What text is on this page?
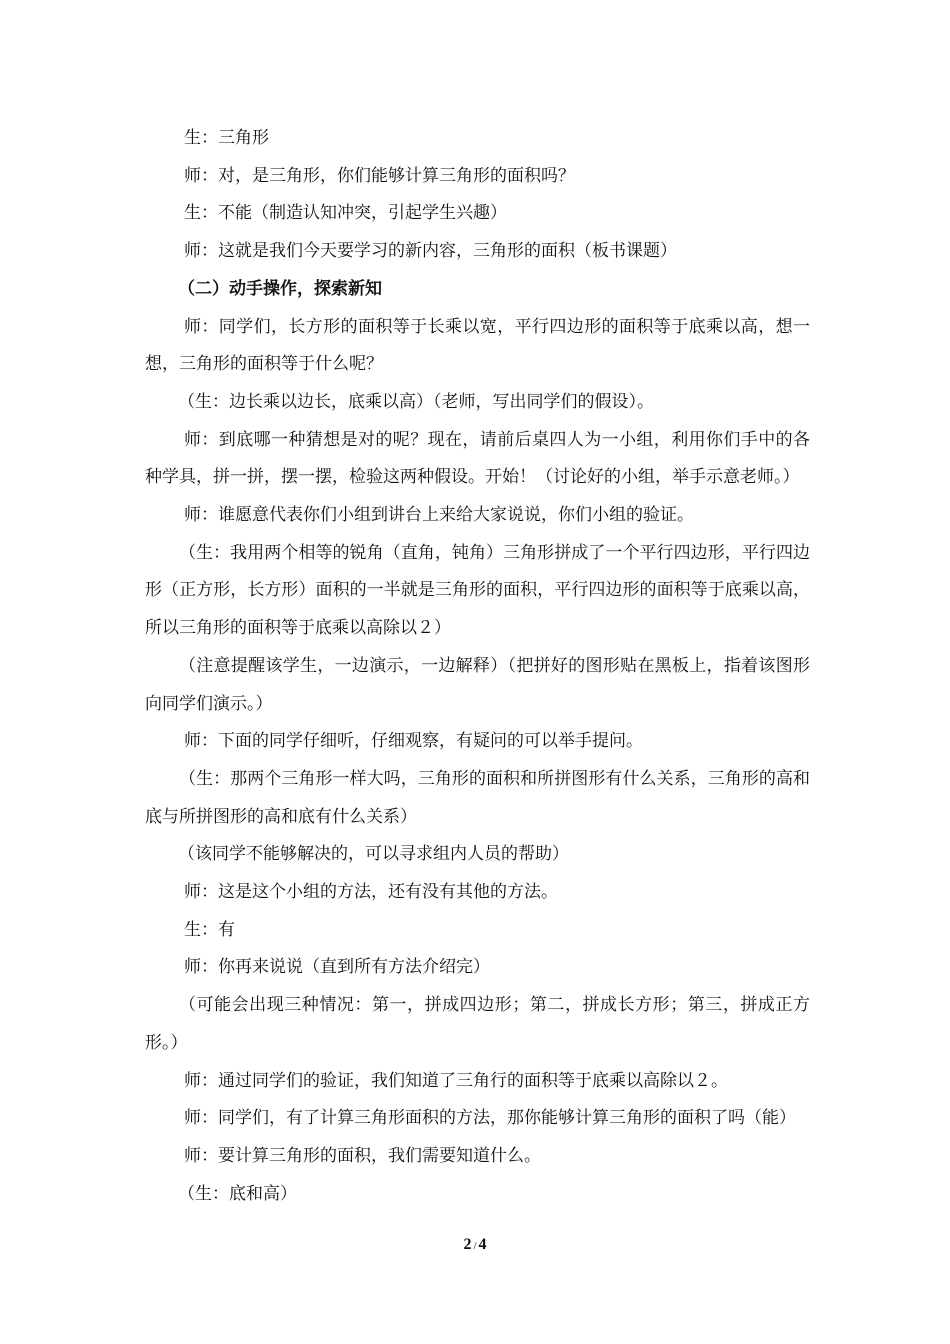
生：三角形

师：对，是三角形，你们能够计算三角形的面积吗？

生：不能（制造认知冲突，引起学生兴趣）

师：这就是我们今天要学习的新内容，三角形的面积（板书课题）

（二）动手操作，探索新知

师：同学们，长方形的面积等于长乘以宽，平行四边形的面积等于底乘以高，想一想，三角形的面积等于什么呢？

（生：边长乘以边长，底乘以高）（老师，写出同学们的假设）。

师：到底哪一种猜想是对的呢？现在，请前后桌四人为一小组，利用你们手中的各种学具，拼一拼，摆一摆，检验这两种假设。开始！（讨论好的小组，举手示意老师。）

师：谁愿意代表你们小组到讲台上来给大家说说，你们小组的验证。

（生：我用两个相等的锐角（直角，钝角）三角形拼成了一个平行四边形，平行四边形（正方形，长方形）面积的一半就是三角形的面积，平行四边形的面积等于底乘以高，所以三角形的面积等于底乘以高除以２）

（注意提醒该学生，一边演示，一边解释）（把拼好的图形贴在黑板上，指着该图形向同学们演示。）

师：下面的同学仔细听，仔细观察，有疑问的可以举手提问。

（生：那两个三角形一样大吗，三角形的面积和所拼图形有什么关系，三角形的高和底与所拼图形的高和底有什么关系）

（该同学不能够解决的，可以寻求组内人员的帮助）

师：这是这个小组的方法，还有没有其他的方法。

生：有

师：你再来说说（直到所有方法介绍完）

（可能会出现三种情况：第一，拼成四边形；第二，拼成长方形；第三，拼成正方形。）

师：通过同学们的验证，我们知道了三角行的面积等于底乘以高除以２。

师：同学们，有了计算三角形面积的方法，那你能够计算三角形的面积了吗（能）

师：要计算三角形的面积，我们需要知道什么。

（生：底和高）

2 / 4
